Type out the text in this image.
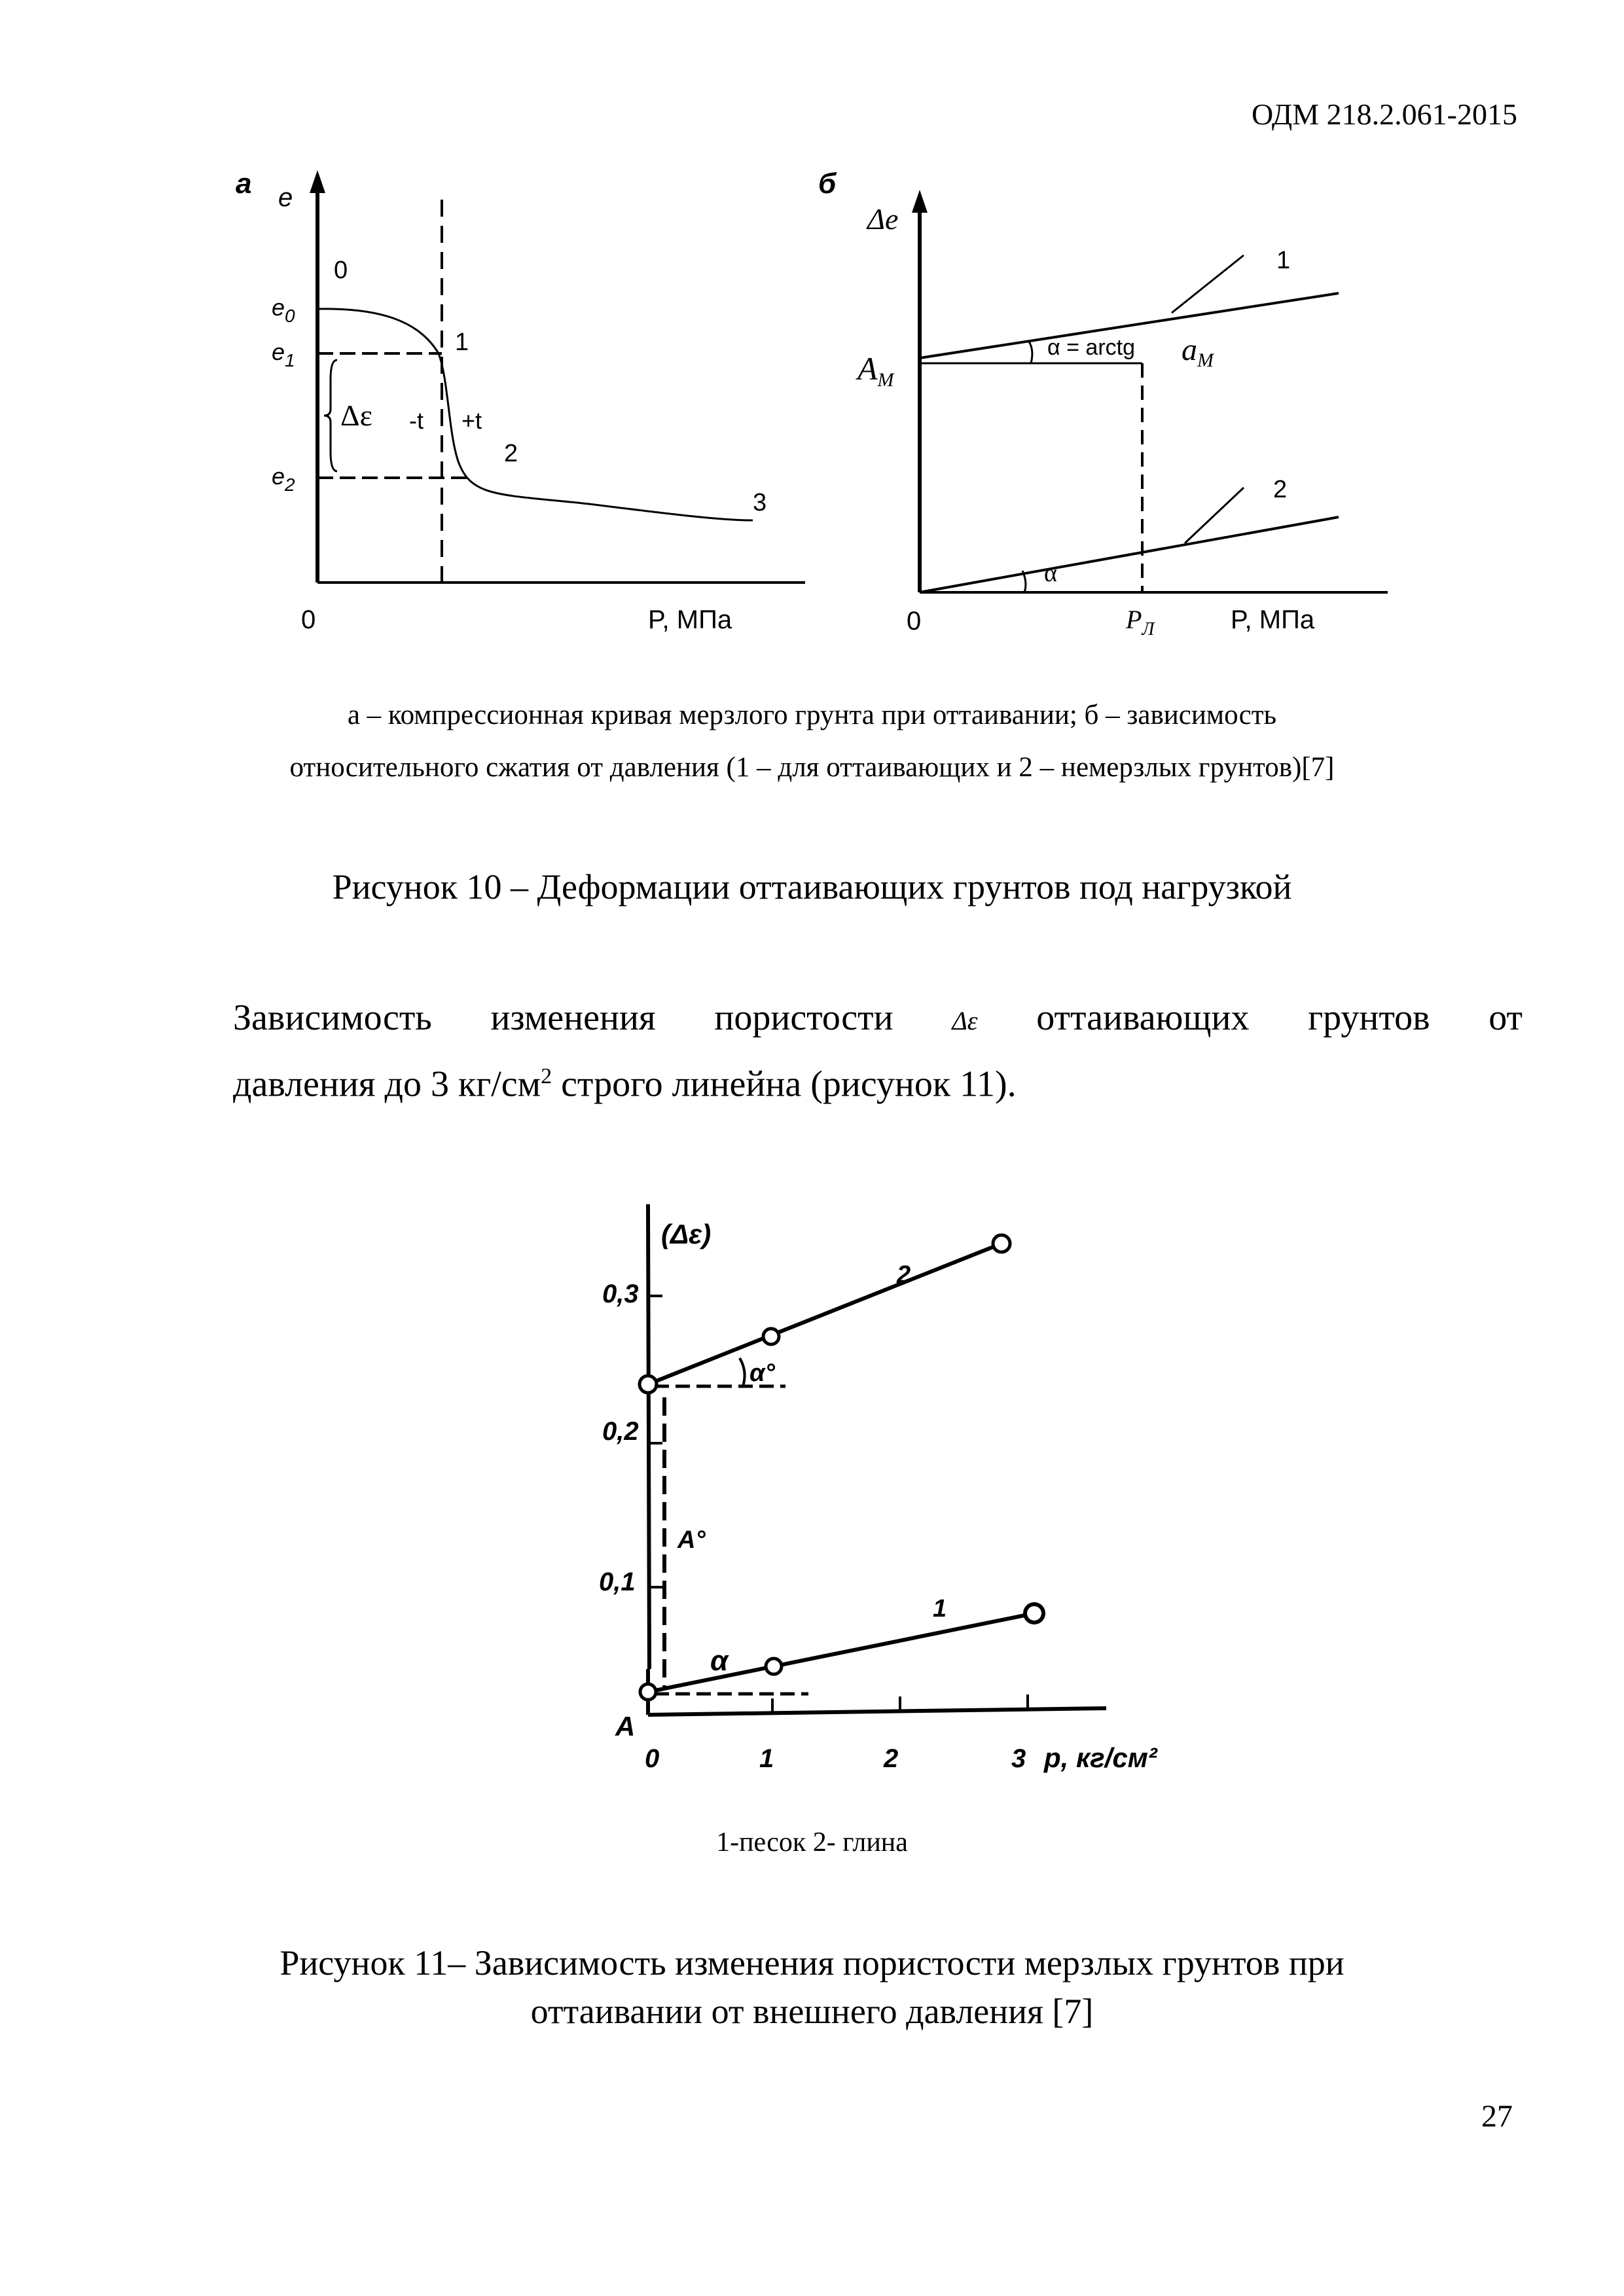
ОДМ 218.2.061-2015
а e
0	P, МПа
$e_0$
$e_1$
$e_2$
0
1
2
3
Δε -t +t
б
Δe
0	P, МПа
1
α = arctg $a_M$
$A_M$
2
α
$P_Л$
а – компрессионная кривая мерзлого грунта при оттаивании; б – зависимость
относительного сжатия от давления (1 – для оттаивающих и 2 – немерзлых грунтов)[7]
Рисунок 10 – Деформации оттаивающих грунтов под нагрузкой
Зависимость изменения пористости Δε оттаивающих грунтов от
давления до 3 $кг/см^2$ строго линейна (рисунок 11).
(Δε)
0,3
0,2
0,1
A
0	1	2	3 p, кг/см²
α°
2
α
1
A°
1-песок 2- глина
Рисунок 11– Зависимость изменения пористости мерзлых грунтов при
оттаивании от внешнего давления [7]
27
